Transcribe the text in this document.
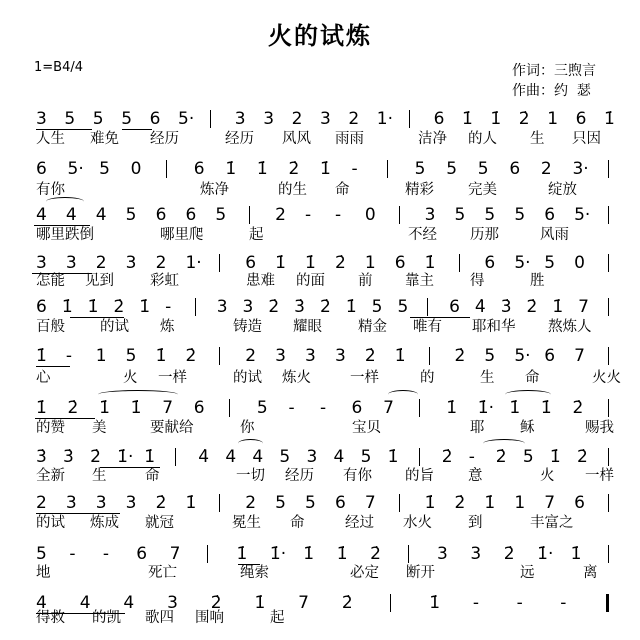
火的试炼
1=B4/4	作词：三煦言
作曲：约  瑟
3 5 5 5 6 5· 3 3 2 3 2 1· 6 1̇ 1̇ 2̇ 1 6 1̇
人生 难免 经历	经历 风风 雨雨	洁净 的人 生 只因
6 5· 5 0	6 1̇ 1̇ 2̇ 1̇ -	5 5 5 6 2 3·
有你	炼净	的生 命	精彩 完美	绽放
4 4 4 5 6 6 5	2 - - 0	3 5 5 5 6 5·
哪里跌倒	哪里爬	起	不经 历那	风雨
3 3 2 3 2 1·	6 1̇ 1̇ 2̇ 1 6 1̇	6 5· 5 0
怎能 见到 彩虹	患难 的面 前 靠主 得	胜
6 1̇ 1̇ 2̇ 1̇ -	3 3 2̇ 3̇ 2̇ 1̇ 5 5 6 4̇ 3̇ 2̇ 1̇ 7
百般 的试 炼	铸造 耀眼 精金 唯有 耶和华 熬炼人
1̇ - 1 5 1̇ 2̇	2 3 3 3 2̇ 1̇	2̇ 5 5· 6 7
心	火 一样	的试 炼火	一样	的	生 命	火火
1̇ 2̇ 1̇ 1̇ 7 6	5 - - 6 7	1̇ 1̇· 1̇ 1̇ 2̇
的赞 美	要献给	你	宝贝	耶 稣	赐我
3̇ 3̇ 2̇ 1̇· 1̇	4̇ 4 4 5 3 4 5 1̇	2̇ - 2̇ 5 1̇ 2̇
全新 生	命	一切 经历 有你 的旨 意	火 一样
2 3 3 3 2̇ 1̇	2 5 5 6 7	1̇ 2̇ 1̇ 1 7 6
的试 炼成 就冠	冕生 命	经过 水火 到	丰富之
5 - - 6 7	1̇ 1̇· 1̇ 1̇ 2̇	3 3 2̇ 1̇· 1̇
地	死亡	绳索	必定 断开	远	离
4 4 4 3 2̇ 1̇ 7 2̇	1̇ - - -
得救 的凯 歌四 围响	起
